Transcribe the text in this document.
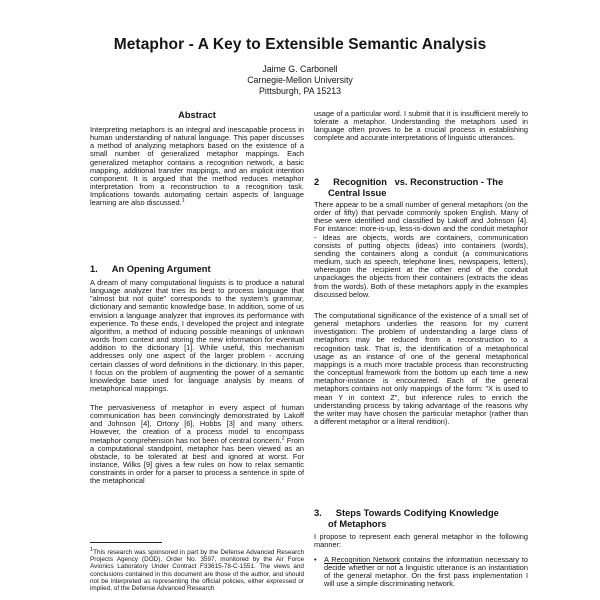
Metaphor - A Key to Extensible Semantic Analysis
Jaime G. Carbonell
Carnegie-Mellon University
Pittsburgh, PA 15213
Abstract

Interpreting metaphors is an integral and inescapable process in human understanding of natural language. This paper discusses a method of analyzing metaphors based on the existence of a small number of generalized metaphor mappings. Each generalized metaphor contains a recognition network, a basic mapping, additional transfer mappings, and an implicit intention component. It is argued that the method reduces metaphor interpretation from a reconstruction to a recognition task. Implications towards automating certain aspects of language learning are also discussed.$^1$

1. An Opening Argument

A dream of many computational linguists is to produce a natural language analyzer that tries its best to process language that "almost but not quite" corresponds to the system's grammar, dictionary and semantic knowledge base. In addition, some of us envision a language analyzer that improves its performance with experience. To these ends, I developed the project and integrate algorithm, a method of inducing possible meanings of unknown words from context and storing the new information for eventual addition to the dictionary [1]. While useful, this mechanism addresses only one aspect of the larger problem - accruing certain classes of word definitions in the dictionary. In this paper, I focus on the problem of augmenting the power of a semantic knowledge base used for language analysis by means of metaphorical mappings.

The pervasiveness of metaphor in every aspect of human communication has been convincingly demonstrated by Lakoff and Johnson [4], Ortony [6], Hobbs [3] and many others. However, the creation of a process model to encompass metaphor comprehension has not been of central concern.$^2$ From a computational standpoint, metaphor has been viewed as an obstacle, to be tolerated at best and ignored at worst. For instance, Wilks [9] gives a few rules on how to relax semantic constraints in order for a parser to process a sentence in spite of the metaphorical

$^1$This research was sponsored in part by the Defense Advanced Research Projects Agency (DOD), Order No. 3597, monitored by the Air Force Avionics Laboratory Under Contract F33615-78-C-1551. The views and conclusions contained in this document are those of the author, and should not be interpreted as representing the official policies, either expressed or implied, of the Defense Advanced Research

usage of a particular word. I submit that it is insufficient merely to tolerate a metaphor. Understanding the metaphors used in language often proves to be a crucial process in establishing complete and accurate interpretations of linguistic utterances.

2 Recognition vs. Reconstruction - The
Central Issue

There appear to be a small number of general metaphors (on the order of fifty) that pervade commonly spoken English. Many of these were identified and classified by Lakoff and Johnson [4]. For instance: more-is-up, less-is-down and the conduit metaphor - Ideas are objects, words are containers, communication consists of putting objects (ideas) into containers (words), sending the containers along a conduit (a communications medium, such as speech, telephone lines, newspapers, letters), whereupon the recipient at the other end of the conduit unpackages the objects from their containers (extracts the ideas from the words). Both of these metaphors apply in the examples discussed below.

The computational significance of the existence of a small set of general metaphors underlies the reasons for my current investigation: The problem of understanding a large class of metaphors may be reduced from a reconstruction to a recognition task. That is, the identification of a metaphorical usage as an instance of one of the general metaphorical mappings is a much more tractable process than reconstructing the conceptual framework from the bottom up each time a new metaphor-instance is encountered. Each of the general metaphors contains not only mappings of the form: "X is used to mean Y in context Z", but inference rules to enrich the understanding process by taking advantage of the reasons why the writer may have chosen the particular metaphor (rather than a different metaphor or a literal rendition).

3. Steps Towards Codifying Knowledge
of Metaphors

I propose to represent each general metaphor in the following manner:

• A Recognition Network contains the information necessary to decide whether or not a linguistic utterance is an instantiation of the general metaphor. On the first pass implementation I will use a simple discriminating network.
